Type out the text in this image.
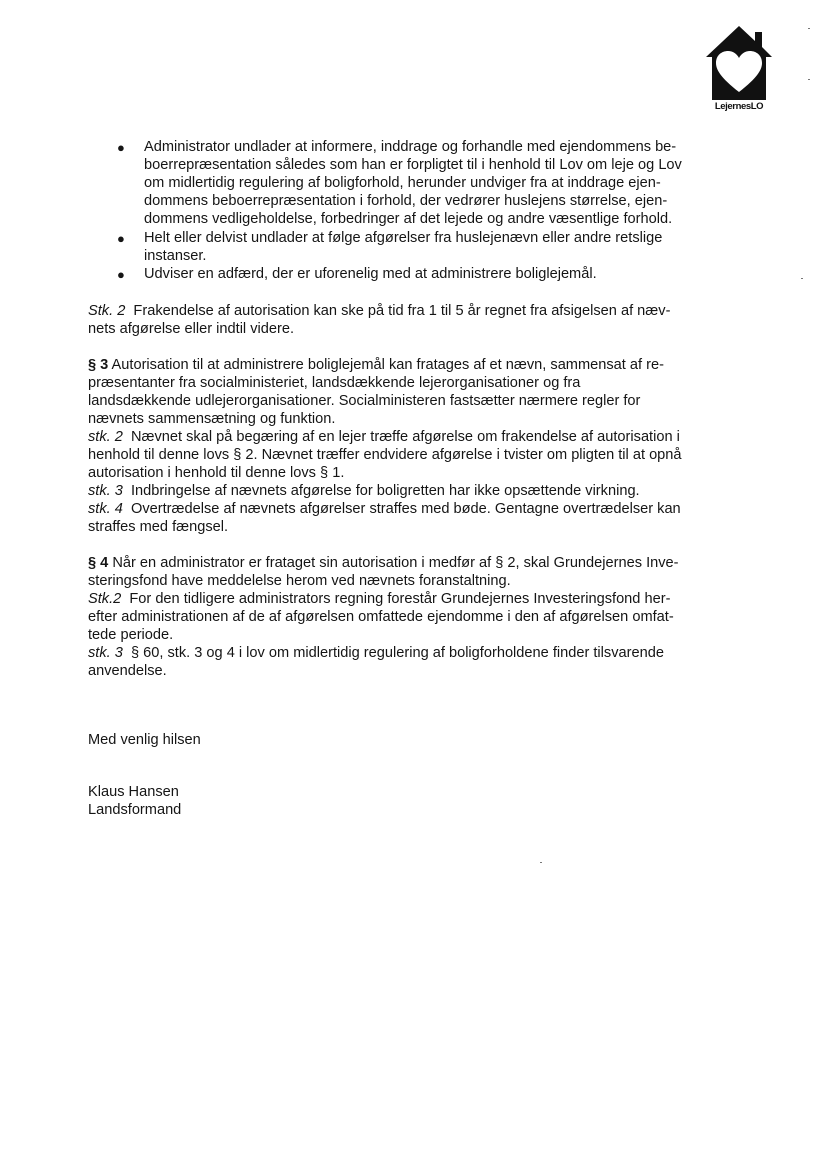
LejernesLO
● Administrator undlader at informere, inddrage og forhandle med ejendommens be-
boerrepræsentation således som han er forpligtet til i henhold til Lov om leje og Lov
om midlertidig regulering af boligforhold, herunder undviger fra at inddrage ejen-
dommens beboerrepræsentation i forhold, der vedrører huslejens størrelse, ejen-
dommens vedligeholdelse, forbedringer af det lejede og andre væsentlige forhold.
● Helt eller delvist undlader at følge afgørelser fra huslejenævn eller andre retslige
instanser.
● Udviser en adfærd, der er uforenelig med at administrere boliglejemål.
Stk. 2 Frakendelse af autorisation kan ske på tid fra 1 til 5 år regnet fra afsigelsen af næv-
nets afgørelse eller indtil videre.
§ 3 Autorisation til at administrere boliglejemål kan fratages af et nævn, sammensat af re-
præsentanter fra socialministeriet, landsdækkende lejerorganisationer og fra
landsdækkende udlejerorganisationer. Socialministeren fastsætter nærmere regler for
nævnets sammensætning og funktion.
stk. 2 Nævnet skal på begæring af en lejer træffe afgørelse om frakendelse af autorisation i
henhold til denne lovs § 2. Nævnet træffer endvidere afgørelse i tvister om pligten til at opnå
autorisation i henhold til denne lovs § 1.
stk. 3 Indbringelse af nævnets afgørelse for boligretten har ikke opsættende virkning.
stk. 4 Overtrædelse af nævnets afgørelser straffes med bøde. Gentagne overtrædelser kan
straffes med fængsel.
§ 4 Når en administrator er frataget sin autorisation i medfør af § 2, skal Grundejernes Inve-
steringsfond have meddelelse herom ved nævnets foranstaltning.
Stk.2 For den tidligere administrators regning forestår Grundejernes Investeringsfond her-
efter administrationen af de af afgørelsen omfattede ejendomme i den af afgørelsen omfat-
tede periode.
stk. 3 § 60, stk. 3 og 4 i lov om midlertidig regulering af boligforholdene finder tilsvarende
anvendelse.
Med venlig hilsen
Klaus Hansen
Landsformand
